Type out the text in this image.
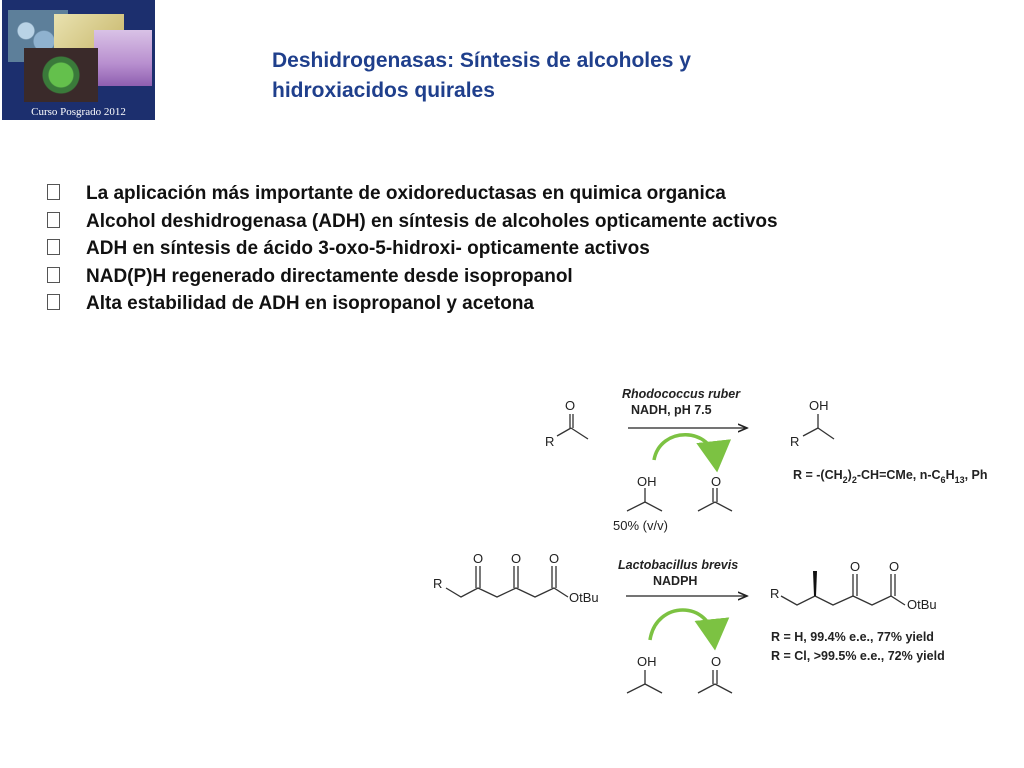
Curso Posgrado 2012
Deshidrogenasas: Síntesis de alcoholes y
hidroxiacidos quirales
La aplicación más importante de oxidoreductasas en quimica organica
Alcohol deshidrogenasa (ADH) en síntesis de alcoholes opticamente activos
ADH en síntesis de ácido 3-oxo-5-hidroxi- opticamente activos
NAD(P)H regenerado directamente desde isopropanol
Alta estabilidad de ADH en isopropanol y acetona
O
R
Rhodococcus ruber
NADH, pH 7.5	OH
R
OH
50% (v/v)
O	$R = -(CH_2)_2-CH=CMe$, $n-C_6H_{13}$, Ph
O O O
R
OtBu
Lactobacillus brevis
NADPH
O O
R
OtBu
R = H, 99.4% e.e., 77% yield
R = Cl, >99.5% e.e., 72% yield
OH	O
